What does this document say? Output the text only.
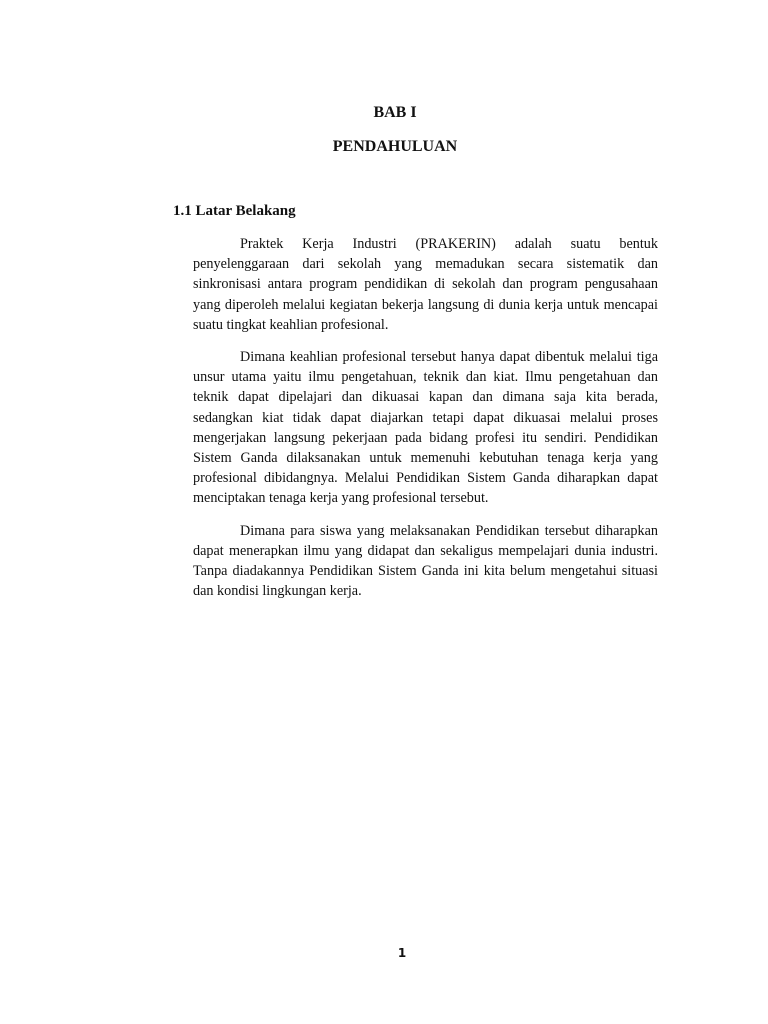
BAB I
PENDAHULUAN
1.1 Latar Belakang

Praktek Kerja Industri (PRAKERIN) adalah suatu bentuk penyelenggaraan dari sekolah yang memadukan secara sistematik dan sinkronisasi antara program pendidikan di sekolah dan program pengusahaan yang diperoleh melalui kegiatan bekerja langsung di dunia kerja untuk mencapai suatu tingkat keahlian profesional.

Dimana keahlian profesional tersebut hanya dapat dibentuk melalui tiga unsur utama yaitu ilmu pengetahuan, teknik dan kiat. Ilmu pengetahuan dan teknik dapat dipelajari dan dikuasai kapan dan dimana saja kita berada, sedangkan kiat tidak dapat diajarkan tetapi dapat dikuasai melalui proses mengerjakan langsung pekerjaan pada bidang profesi itu sendiri. Pendidikan Sistem Ganda dilaksanakan untuk memenuhi kebutuhan tenaga kerja yang profesional dibidangnya. Melalui Pendidikan Sistem Ganda diharapkan dapat menciptakan tenaga kerja yang profesional tersebut.

Dimana para siswa yang melaksanakan Pendidikan tersebut diharapkan dapat menerapkan ilmu yang didapat dan sekaligus mempelajari dunia industri. Tanpa diadakannya Pendidikan Sistem Ganda ini kita belum mengetahui situasi dan kondisi lingkungan kerja.

1
